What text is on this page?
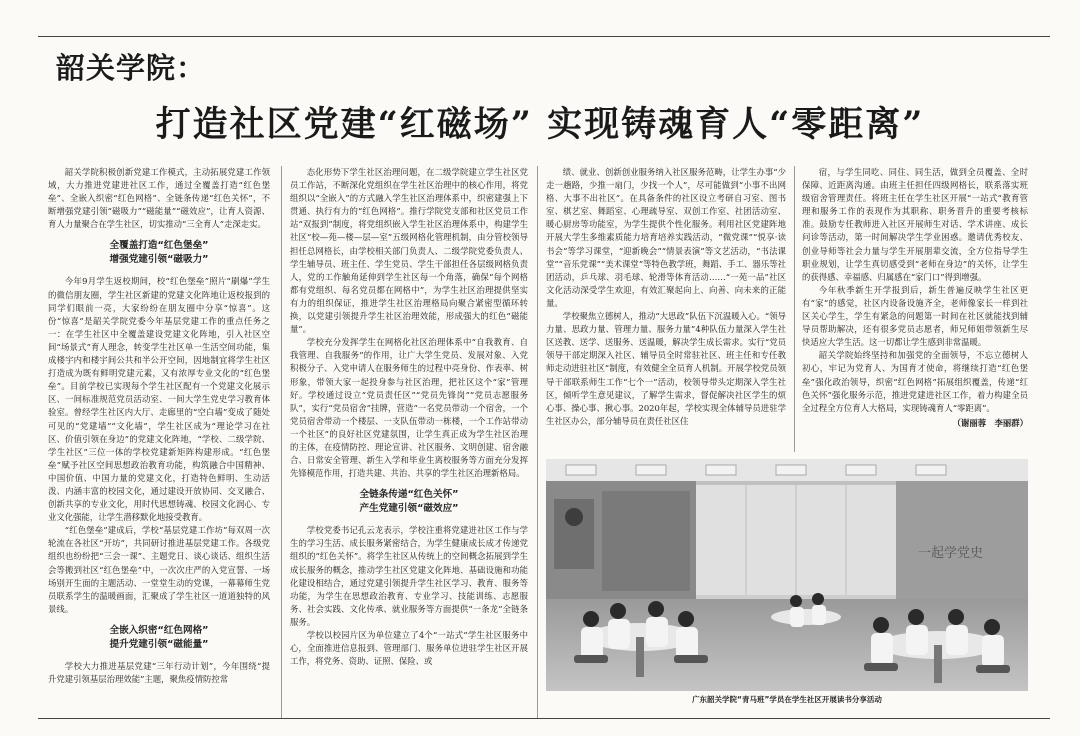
韶关学院：
打造社区党建“红磁场” 实现铸魂育人“零距离”

韶关学院积极创新党建工作模式，主动拓展党建工作领域，大力推进党建进社区工作，通过全覆盖打造“红色堡垒”、全嵌入织密“红色网格”、全链条传递“红色关怀”，不断增强党建引领“磁吸力”“磁能量”“磁效应”，让育人资源、育人力量聚合在学生社区，切实推动“三全育人”走深走实。

全覆盖打造“红色堡垒”
增强党建引领“磁吸力”

今年9月学生返校期间，校“红色堡垒”照片“刷爆”学生的微信朋友圈，学生社区新建的党建文化阵地让返校报到的同学们眼前一亮，大家纷纷在朋友圈中分享“惊喜”。这份“惊喜”是韶关学院党委今年基层党建工作的重点任务之一：在学生社区中全覆盖建设党建文化阵地，引入社区空间“场景式”育人理念，转变学生社区单一生活空间功能，集成楼宇内和楼宇间公共和半公开空间，因地制宜将学生社区打造成为既有鲜明党建元素，又有浓厚专业文化的“红色堡垒”。目前学校已实现每个学生社区配有一个党建文化展示区、一间标准规范党员活动室、一间大学生党史学习教育体验室。曾经学生社区内大厅、走廊里的“空白墙”变成了随处可见的“党建墙”“文化墙”，学生社区成为“理论学习在社区、价值引领在身边”的党建文化阵地，“学校、二级学院、学生社区”三位一体的学校党建新矩阵构建形成。“红色堡垒”赋予社区空间思想政治教育功能，构筑融合中国精神、中国价值、中国力量的党建文化，打造特色鲜明、生动活泼、内涵丰富的校园文化，通过建设开放协同、交叉融合、创新共享的专业文化，用时代思想铸魂、校园文化润心、专业文化强能，让学生潜移默化地接受教育。

“红色堡垒”建成后，学校“基层党建工作坊”每双周一次轮流在各社区“开坊”，共同研讨推进基层党建工作。各级党组织也纷纷把“三会一课”、主题党日、谈心谈话、组织生活会等搬到社区“红色堡垒”中，一次次庄严的入党宣誓、一场场别开生面的主题活动、一堂堂生动的党课，一幕幕师生党员联系学生的温暖画面，汇聚成了学生社区一道道独特的风景线。

全嵌入织密“红色网格”
提升党建引领“磁能量”

学校大力推进基层党建“三年行动计划”，今年围绕“提升党建引领基层治理效能”主题，聚焦疫情防控常

态化形势下学生社区治理问题，在二级学院建立学生社区党员工作站，不断深化党组织在学生社区治理中的核心作用，将党组织以“全嵌入”的方式融入学生社区治理体系中，织密建强上下贯通、执行有力的“红色网格”。推行学院党支部和社区党员工作站“双报到”制度，将党组织嵌入学生社区治理体系中，构建学生社区“校—苑—楼—层—室”五级网格化管理机制，由分管校领导担任总网格长，由学校相关部门负责人、二级学院党委负责人、学生辅导员、班主任、学生党员、学生干部担任各层级网格负责人，党的工作触角延伸到学生社区每一个角落，确保“每个网格都有党组织、每名党员都在网格中”，为学生社区治理提供坚实有力的组织保证，推进学生社区治理格局向聚合紧密型循环转换，以党建引领提升学生社区治理效能，形成强大的红色“磁能量”。

学校充分发挥学生在网格化社区治理体系中“自我教育、自我管理、自我服务”的作用，让广大学生党员、发展对象、入党积极分子、入党申请人在服务师生的过程中亮身份、作表率、树形象，带领大家一起投身参与社区治理，把社区这个“家”管理好。学校通过设立“党员责任区”“党员先锋岗”“党员志愿服务队”，实行“党员宿舍”挂牌，营造“一名党员带动一个宿舍，一个党员宿舍带动一个楼层、一支队伍带动一栋楼，一个工作站带动一个社区”的良好社区党建氛围，让学生真正成为学生社区治理的主体，在疫情防控、理论宣讲、社区服务、文明创建、宿舍融合、日常安全管理、新生入学和毕业生离校服务等方面充分发挥先锋模范作用，打造共建、共治、共享的学生社区治理新格局。

全链条传递“红色关怀”
产生党建引领“磁效应”

学校党委书记孔云龙表示，学校注重将党建进社区工作与学生的学习生活、成长服务紧密结合，为学生健康成长成才传递党组织的“红色关怀”。将学生社区从传统上的空间概念拓展到学生成长服务的概念，推动学生社区党建文化阵地、基础设施和功能化建设相结合，通过党建引领提升学生社区学习、教育、服务等功能，为学生在思想政治教育、专业学习、技能训练、志愿服务、社会实践、文化传承、就业服务等方面提供“一条龙”全链条服务。

学校以校园片区为单位建立了4个“一站式”学生社区服务中心，全面推进信息报到、管理部门、服务单位进驻学生社区开展工作，将党务、资助、证照、保险、或

绩、就业、创新创业服务纳入社区服务范畴，让学生办事“少走一趟路，少推一扇门，少找一个人”，尽可能做到“小事不出网格、大事不出社区”。在具备条件的社区设立考研自习室、图书室、棋艺室、舞蹈室、心理疏导室、双创工作室、社团活动室、暖心厨房等功能室，为学生提供个性化服务。利用社区党建阵地开展大学生多维素质能力培育培养实践活动，“微党课”“悦享·读书会”等学习课堂，“迎新晚会”“情景表演”等文艺活动，“书法课堂”“音乐党课”“美术课堂”等特色教学班，舞蹈、手工、器乐等社团活动，乒乓球、羽毛球、轮滑等体育活动……“一苑一品”社区文化活动深受学生欢迎，有效汇聚起向上、向善、向未来的正能量。

学校聚焦立德树人，推动“大思政”队伍下沉温暖入心。“领导力量、思政力量、管理力量、服务力量”4种队伍力量深入学生社区送教、送学、送服务、送温暖，解决学生成长需求。实行“党员领导干部定期深入社区、辅导员全时常驻社区、班主任和专任教师走动进驻社区”制度，有效健全全员育人机制。开展学校党员领导干部联系师生工作“七个一”活动，校领导带头定期深入学生社区，倾听学生意见建议，了解学生需求，督促解决社区学生的烦心事、操心事、揪心事。2020年起，学校实现全体辅导员进驻学生社区办公，部分辅导员在责任社区住

宿，与学生同吃、同住、同生活，做到全员覆盖、全时保障、近距离沟通。由班主任担任四级网格长，联系落实班级宿舍管理责任。将班主任在学生社区开展“一站式”教育管理和服务工作的表现作为其职称、职务晋升的重要考核标准。鼓励专任教师进入社区开展师生对话、学术讲座、成长问诊等活动，第一时间解决学生学业困惑。邀请优秀校友、创业导师等社会力量与学生开展朋辈交流，全方位指导学生职业规划，让学生真切感受到“老师在身边”的关怀，让学生的获得感、幸福感、归属感在“家门口”得到增强。

今年秋季新生开学报到后，新生普遍反映学生社区更有“家”的感觉，社区内设备设施齐全，老师像家长一样到社区关心学生，学生有紧急的问题第一时间在社区就能找到辅导员帮助解决，还有很多党员志愿者，师兄师姐带领新生尽快适应大学生活。这一切都让学生感到非常温暖。

韶关学院始终坚持和加强党的全面领导，不忘立德树人初心，牢记为党育人、为国育才使命，将继续打造“红色堡垒”强化政治领导，织密“红色网格”拓展组织覆盖，传递“红色关怀”强化服务示范，推进党建进社区工作，着力构建全员全过程全方位育人大格局，实现铸魂育人“零距离”。

（谢丽蓉　李丽群）
一起学党史
广东韶关学院“青马班”学员在学生社区开展读书分享活动
